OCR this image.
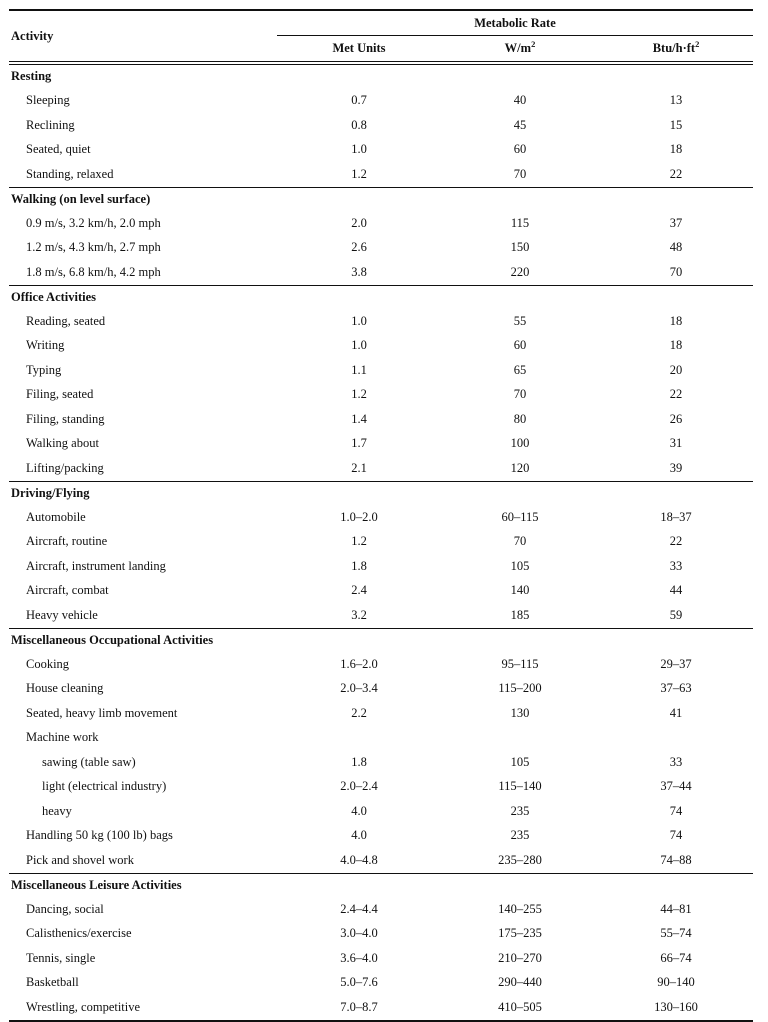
Activity	Metabolic Rate		
	Met Units	$W/m^2$	Btu/$h\cdot ft^2$

Resting			
Sleeping	0.7	40	13
Reclining	0.8	45	15
Seated, quiet	1.0	60	18
Standing, relaxed	1.2	70	22
Walking (on level surface)			
0.9 m/s, 3.2 km/h, 2.0 mph	2.0	115	37
1.2 m/s, 4.3 km/h, 2.7 mph	2.6	150	48
1.8 m/s, 6.8 km/h, 4.2 mph	3.8	220	70
Office Activities			
Reading, seated	1.0	55	18
Writing	1.0	60	18
Typing	1.1	65	20
Filing, seated	1.2	70	22
Filing, standing	1.4	80	26
Walking about	1.7	100	31
Lifting/packing	2.1	120	39
Driving/Flying			
Automobile	1.0–2.0	60–115	18–37
Aircraft, routine	1.2	70	22
Aircraft, instrument landing	1.8	105	33
Aircraft, combat	2.4	140	44
Heavy vehicle	3.2	185	59
Miscellaneous Occupational Activities			
Cooking	1.6–2.0	95–115	29–37
House cleaning	2.0–3.4	115–200	37–63
Seated, heavy limb movement	2.2	130	41
Machine work			
sawing (table saw)	1.8	105	33
light (electrical industry)	2.0–2.4	115–140	37–44
heavy	4.0	235	74
Handling 50 kg (100 lb) bags	4.0	235	74
Pick and shovel work	4.0–4.8	235–280	74–88
Miscellaneous Leisure Activities			
Dancing, social	2.4–4.4	140–255	44–81
Calisthenics/exercise	3.0–4.0	175–235	55–74
Tennis, single	3.6–4.0	210–270	66–74
Basketball	5.0–7.6	290–440	90–140
Wrestling, competitive	7.0–8.7	410–505	130–160
